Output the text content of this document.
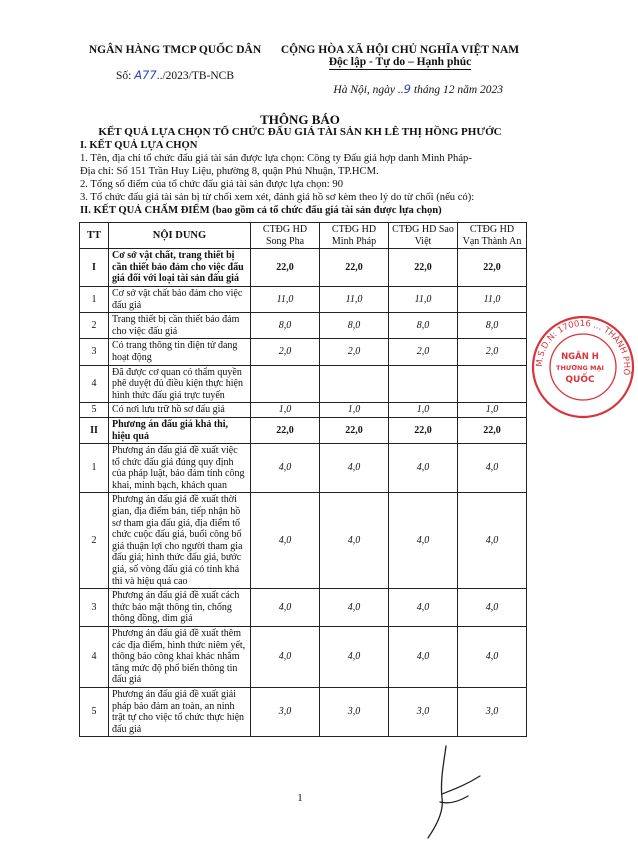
NGÂN HÀNG TMCP QUỐC DÂN
Số: A77../2023/TB-NCB
CỘNG HÒA XÃ HỘI CHỦ NGHĨA VIỆT NAM
Độc lập - Tự do – Hạnh phúc
Hà Nội, ngày ..9 tháng 12 năm 2023
THÔNG BÁO
KẾT QUẢ LỰA CHỌN TỔ CHỨC ĐẤU GIÁ TÀI SẢN KH LÊ THỊ HỒNG PHƯỚC
I. KẾT QUẢ LỰA CHỌN
1. Tên, địa chỉ tổ chức đấu giá tài sản được lựa chọn: Công ty Đấu giá hợp danh Minh Pháp-
Địa chỉ: Số 151 Trần Huy Liệu, phường 8, quận Phú Nhuận, TP.HCM.
2. Tổng số điểm của tổ chức đấu giá tài sản được lựa chọn: 90
3. Tổ chức đấu giá tài sản bị từ chối xem xét, đánh giá hồ sơ kèm theo lý do từ chối (nếu có):
II. KẾT QUẢ CHẤM ĐIỂM (bao gồm cả tổ chức đấu giá tài sản được lựa chọn)
TT	NỘI DUNG	CTĐG HD Song Pha	CTĐG HD Minh Pháp	CTĐG HD Sao Việt	CTĐG HD Vạn Thành An
I	Cơ sở vật chất, trang thiết bị cần thiết bảo đảm cho việc đấu giá đối với loại tài sản đấu giá	22,0	22,0	22,0	22,0
1	Cơ sở vật chất bảo đảm cho việc đấu giá	11,0	11,0	11,0	11,0
2	Trang thiết bị cần thiết bảo đảm cho việc đấu giá	8,0	8,0	8,0	8,0
3	Có trang thông tin điện tử đang hoạt động	2,0	2,0	2,0	2,0
4	Đã được cơ quan có thẩm quyền phê duyệt đủ điều kiện thực hiện hình thức đấu giá trực tuyến				
5	Có nơi lưu trữ hồ sơ đấu giá	1,0	1,0	1,0	1,0
II	Phương án đấu giá khả thi, hiệu quả	22,0	22,0	22,0	22,0
1	Phương án đấu giá đề xuất việc tổ chức đấu giá đúng quy định của pháp luật, bảo đảm tính công khai, minh bạch, khách quan	4,0	4,0	4,0	4,0
2	Phương án đấu giá đề xuất thời gian, địa điểm bán, tiếp nhận hồ sơ tham gia đấu giá, địa điểm tổ chức cuộc đấu giá, buổi công bố giá thuận lợi cho người tham gia đấu giá; hình thức đấu giá, bước giá, số vòng đấu giá có tính khả thi và hiệu quả cao	4,0	4,0	4,0	4,0
3	Phương án đấu giá đề xuất cách thức bảo mật thông tin, chống thông đồng, dìm giá	4,0	4,0	4,0	4,0
4	Phương án đấu giá đề xuất thêm các địa điểm, hình thức niêm yết, thông báo công khai khác nhằm tăng mức độ phổ biến thông tin đấu giá	4,0	4,0	4,0	4,0
5	Phương án đấu giá đề xuất giải pháp bảo đảm an toàn, an ninh trật tự cho việc tổ chức thực hiện đấu giá	3,0	3,0	3,0	3,0
M.S.D.N: 170016 ... THÀNH PHỐ
NGÂN H
THƯƠNG MẠI
QUỐC
1
